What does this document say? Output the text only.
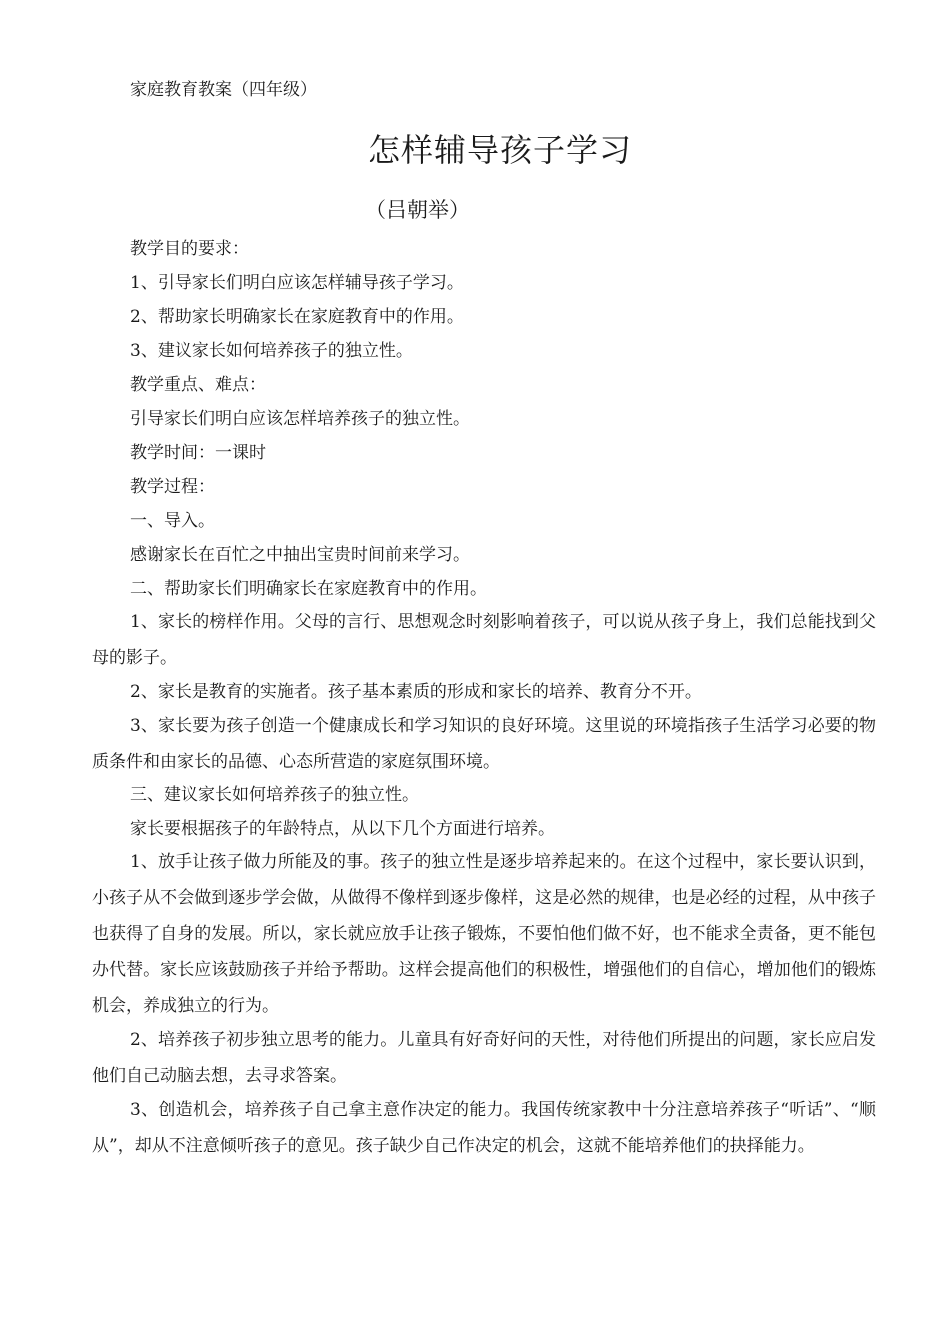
家庭教育教案（四年级）
怎样辅导孩子学习
（吕朝举）
教学目的要求：
1、引导家长们明白应该怎样辅导孩子学习。
2、帮助家长明确家长在家庭教育中的作用。
3、建议家长如何培养孩子的独立性。
教学重点、难点：
引导家长们明白应该怎样培养孩子的独立性。
教学时间：一课时
教学过程：
一、导入。
感谢家长在百忙之中抽出宝贵时间前来学习。
二、帮助家长们明确家长在家庭教育中的作用。
1、家长的榜样作用。父母的言行、思想观念时刻影响着孩子，可以说从孩子身上，我们总能找到父母的影子。
2、家长是教育的实施者。孩子基本素质的形成和家长的培养、教育分不开。
3、家长要为孩子创造一个健康成长和学习知识的良好环境。这里说的环境指孩子生活学习必要的物质条件和由家长的品德、心态所营造的家庭氛围环境。
三、建议家长如何培养孩子的独立性。
家长要根据孩子的年龄特点，从以下几个方面进行培养。
1、放手让孩子做力所能及的事。孩子的独立性是逐步培养起来的。在这个过程中，家长要认识到，小孩子从不会做到逐步学会做，从做得不像样到逐步像样，这是必然的规律，也是必经的过程，从中孩子也获得了自身的发展。所以，家长就应放手让孩子锻炼，不要怕他们做不好，也不能求全责备，更不能包办代替。家长应该鼓励孩子并给予帮助。这样会提高他们的积极性，增强他们的自信心，增加他们的锻炼机会，养成独立的行为。
2、培养孩子初步独立思考的能力。儿童具有好奇好问的天性，对待他们所提出的问题，家长应启发他们自己动脑去想，去寻求答案。
3、创造机会，培养孩子自己拿主意作决定的能力。我国传统家教中十分注意培养孩子“听话”、“顺从”，却从不注意倾听孩子的意见。孩子缺少自己作决定的机会，这就不能培养他们的抉择能力。
